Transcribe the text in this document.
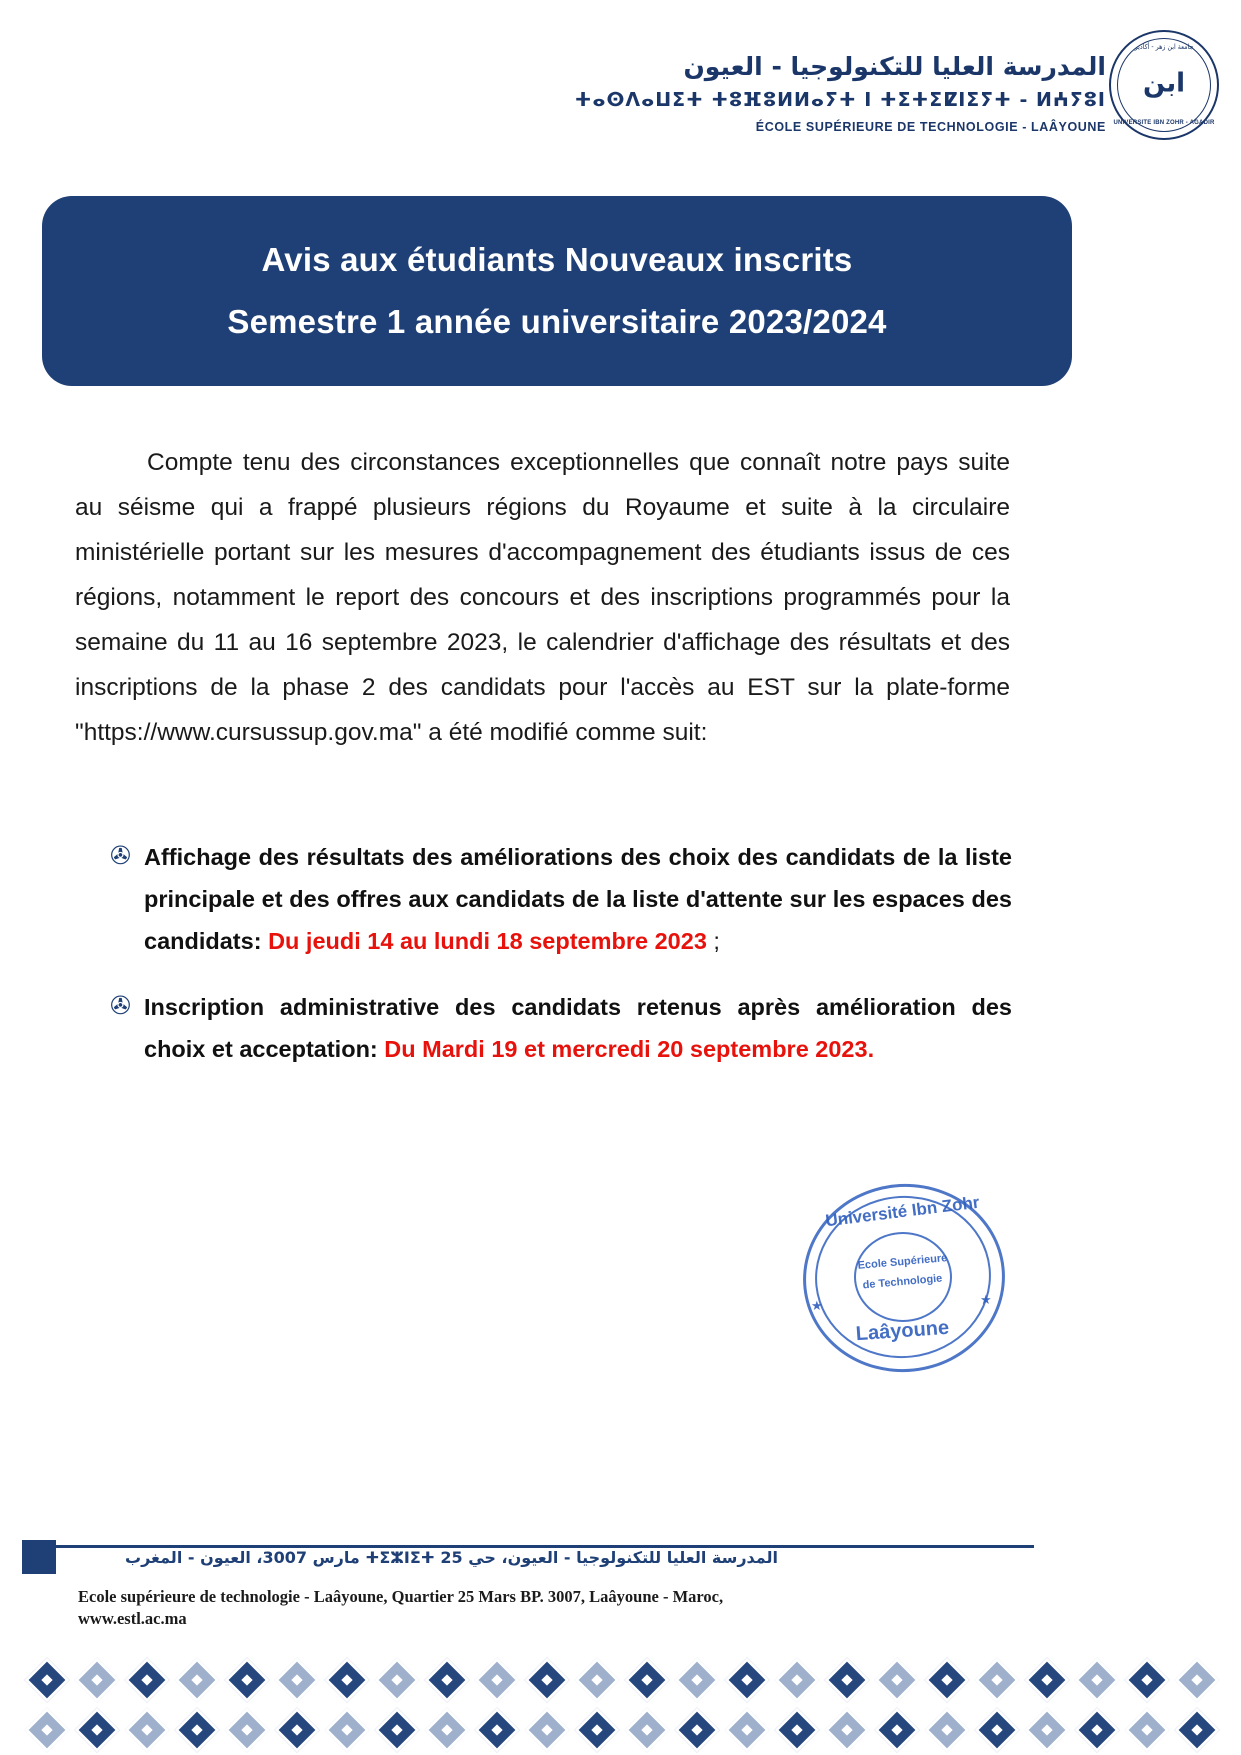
المدرسة العليا للتكنولوجيا - العيون
ⵜⴰⵙⴷⴰⵡⵉⵜ ⵜⵓⴼⵓⵍⵍⴰⵢⵜ ⵏ ⵜⵉⵜⵉⵇⵏⵉⵢⵜ - ⵍⵄⵢⵓⵏ
ÉCOLE SUPÉRIEURE DE TECHNOLOGIE - LAÂYOUNE
جامعة ابن زهر - أكادير
ابن
UNIVERSITE IBN ZOHR - AGADIR
Avis aux étudiants Nouveaux inscrits
Semestre 1 année universitaire 2023/2024

Compte tenu des circonstances exceptionnelles que connaît notre pays suite au séisme qui a frappé plusieurs régions du Royaume et suite à la circulaire ministérielle portant sur les mesures d'accompagnement des étudiants issus de ces régions, notamment le report des concours et des inscriptions programmés pour la semaine du 11 au 16 septembre 2023, le calendrier d'affichage des résultats et des inscriptions de la phase 2 des candidats pour l'accès au EST sur la plate-forme "https://www.cursussup.gov.ma" a été modifié comme suit:

✇ Affichage des résultats des améliorations des choix des candidats de la liste principale et des offres aux candidats de la liste d'attente sur les espaces des candidats: Du jeudi 14 au lundi 18 septembre 2023 ;
✇ Inscription administrative des candidats retenus après amélioration des choix et acceptation: Du Mardi 19 et mercredi 20 septembre 2023.
Université Ibn Zohr
Ecole Supérieure
de Technologie
Laâyoune
★	★
المدرسة العليا للتكنولوجيا - العيون، حي ⵜⵉⵣⵏⵉⵜ 25 مارس 3007، العيون - المغرب
Ecole supérieure de technologie - Laâyoune, Quartier 25 Mars BP. 3007, Laâyoune - Maroc,
www.estl.ac.ma
